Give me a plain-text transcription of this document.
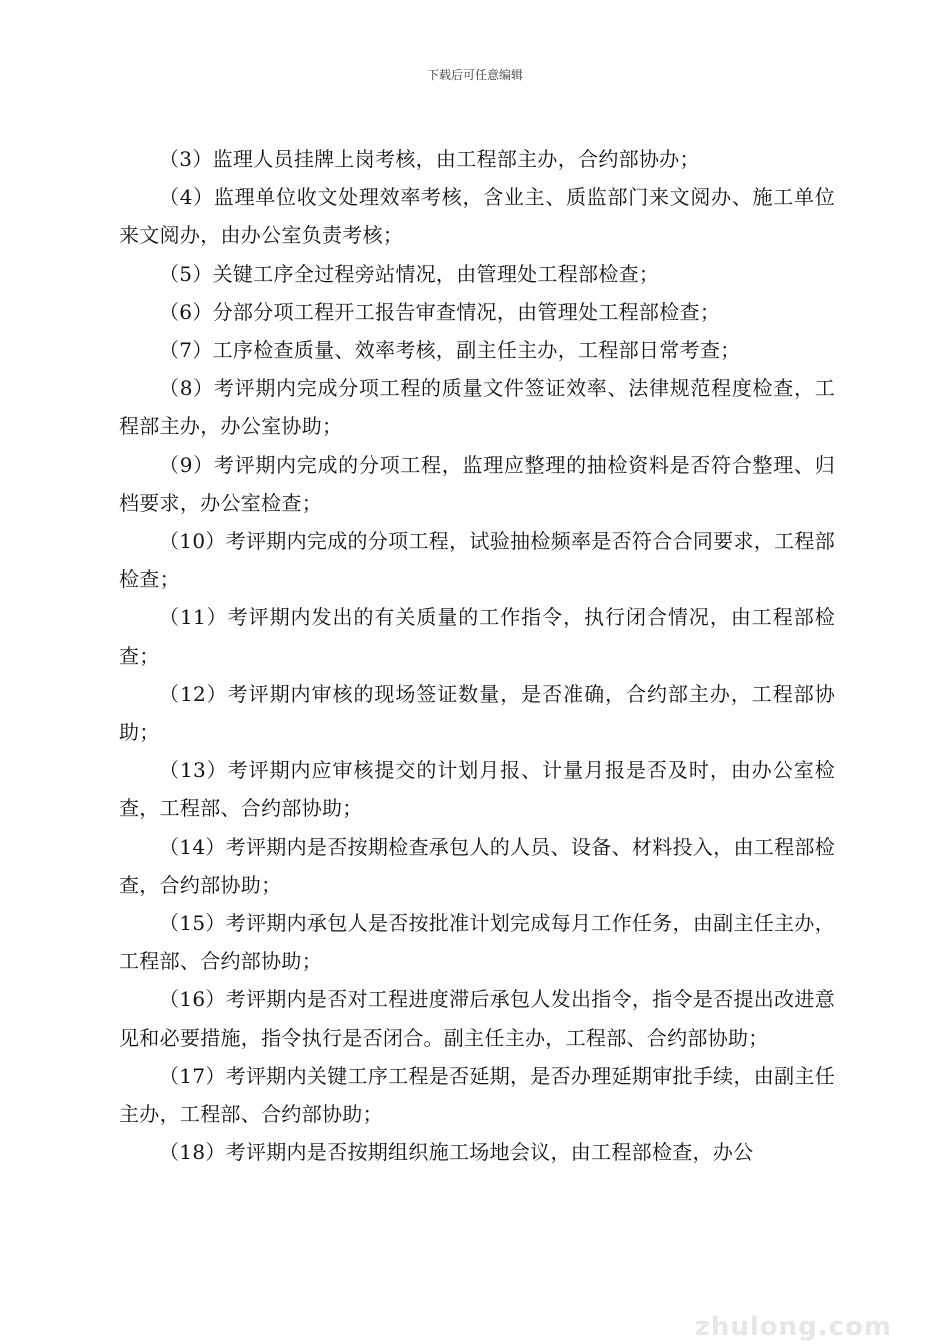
下载后可任意编辑

（3）监理人员挂牌上岗考核，由工程部主办，合约部协办；

（4）监理单位收文处理效率考核，含业主、质监部门来文阅办、施工单位来文阅办，由办公室负责考核；

（5）关键工序全过程旁站情况，由管理处工程部检查；

（6）分部分项工程开工报告审查情况，由管理处工程部检查；

（7）工序检查质量、效率考核，副主任主办，工程部日常考查；

（8）考评期内完成分项工程的质量文件签证效率、法律规范程度检查，工程部主办，办公室协助；

（9）考评期内完成的分项工程，监理应整理的抽检资料是否符合整理、归档要求，办公室检查；

（10）考评期内完成的分项工程，试验抽检频率是否符合合同要求，工程部检查；

（11）考评期内发出的有关质量的工作指令，执行闭合情况，由工程部检查；

（12）考评期内审核的现场签证数量，是否准确，合约部主办，工程部协助；

（13）考评期内应审核提交的计划月报、计量月报是否及时，由办公室检查，工程部、合约部协助；

（14）考评期内是否按期检查承包人的人员、设备、材料投入，由工程部检查，合约部协助；

（15）考评期内承包人是否按批准计划完成每月工作任务，由副主任主办，工程部、合约部协助；

（16）考评期内是否对工程进度滞后承包人发出指令，指令是否提出改进意见和必要措施，指令执行是否闭合。副主任主办，工程部、合约部协助；

（17）考评期内关键工序工程是否延期，是否办理延期审批手续，由副主任主办，工程部、合约部协助；

（18）考评期内是否按期组织施工场地会议，由工程部检查，办公

zhulong.com
